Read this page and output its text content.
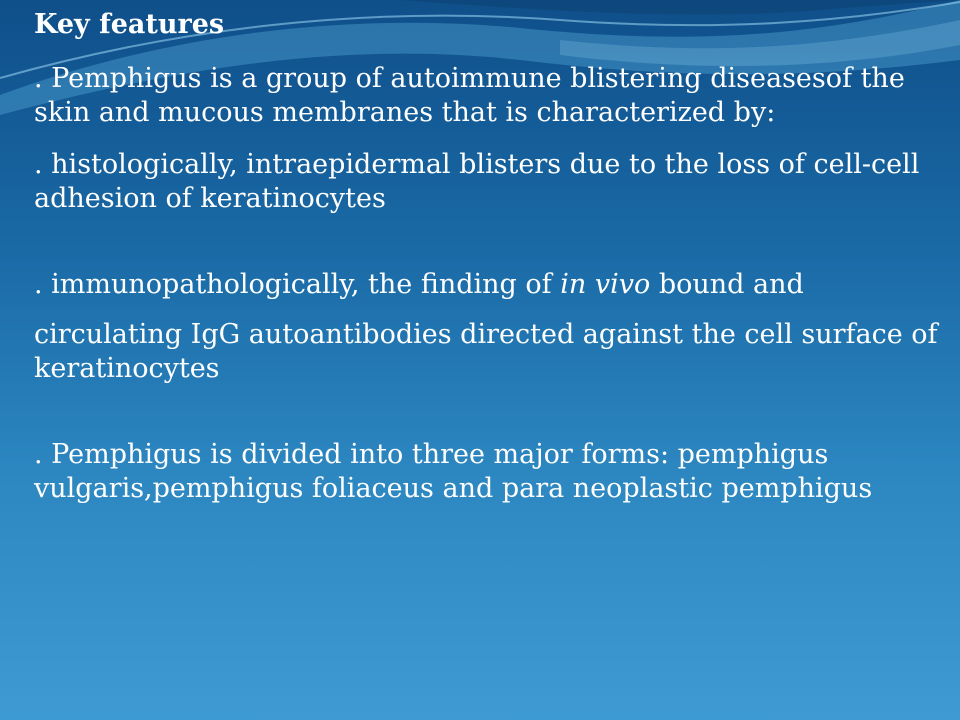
Key features
. Pemphigus is a group of autoimmune blistering diseasesof the skin and mucous membranes that is characterized by:
. histologically, intraepidermal blisters due to the loss of cell-cell adhesion of keratinocytes
. immunopathologically, the finding of in vivo bound and
circulating IgG autoantibodies directed against the cell surface of keratinocytes
. Pemphigus is divided into three major forms: pemphigus vulgaris,pemphigus foliaceus and para neoplastic pemphigus
